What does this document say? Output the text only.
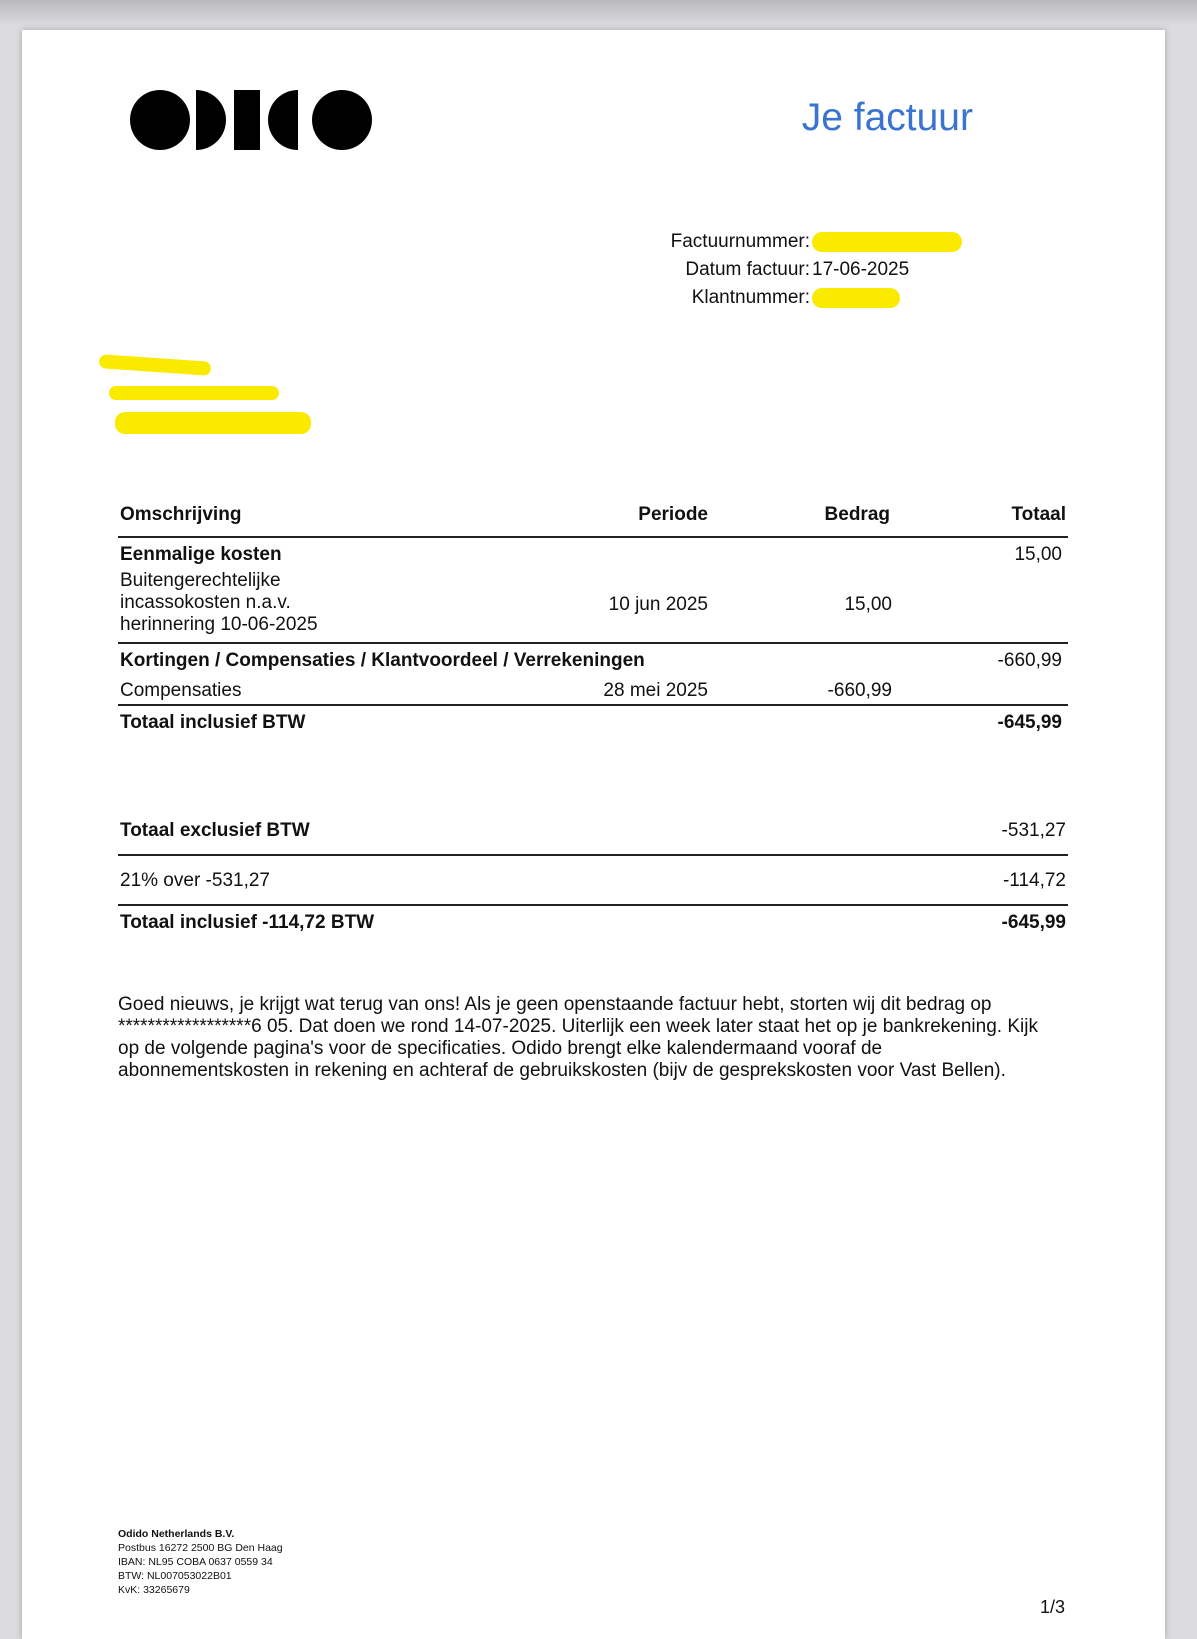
Je factuur
Factuurnummer:
Datum factuur: 17-06-2025
Klantnummer:
Omschrijving	Periode	Bedrag	Totaal
Eenmalige kosten			15,00

Buitengerechtelijke
incassokosten n.a.v.
herinnering 10-06-2025	10 jun 2025	15,00	
Kortingen / Compensaties / Klantvoordeel / Verrekeningen			-660,99
Compensaties	28 mei 2025	-660,99	
Totaal inclusief BTW			-645,99
Totaal exclusief BTW	-531,27
21% over -531,27	-114,72
Totaal inclusief -114,72 BTW	-645,99
Goed nieuws, je krijgt wat terug van ons! Als je geen openstaande factuur hebt, storten wij dit bedrag op ******************6 05. Dat doen we rond 14-07-2025. Uiterlijk een week later staat het op je bankrekening. Kijk op de volgende pagina's voor de specificaties. Odido brengt elke kalendermaand vooraf de abonnementskosten in rekening en achteraf de gebruikskosten (bijv de gesprekskosten voor Vast Bellen).
Odido Netherlands B.V.
Postbus 16272 2500 BG Den Haag
IBAN: NL95 COBA 0637 0559 34
BTW: NL007053022B01
KvK: 33265679
1/3
